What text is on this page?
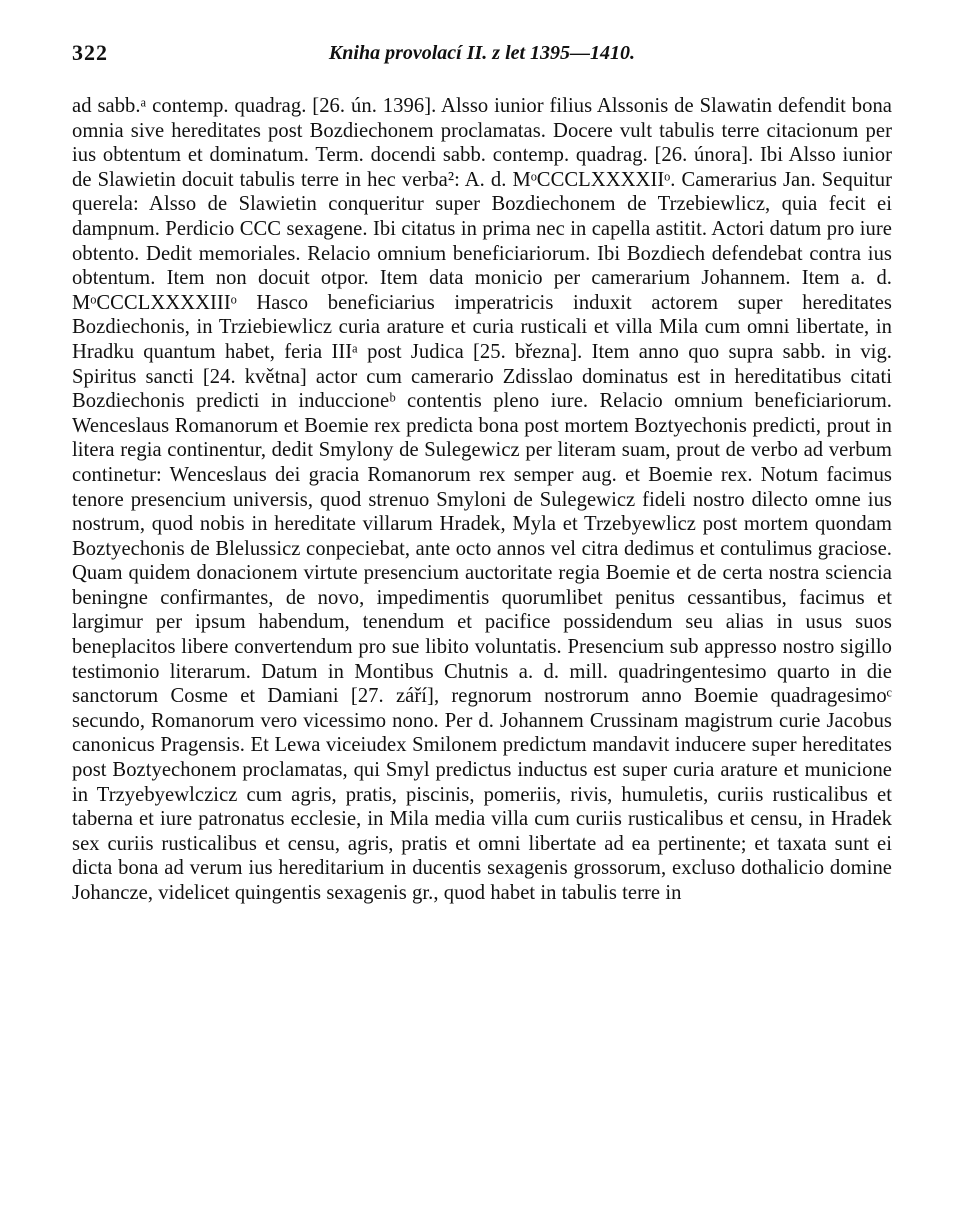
322	Kniha provolací II. z let 1395—1410.

ad sabb.ᵃ contemp. quadrag. [26. ún. 1396]. Alsso iunior filius Alssonis de Slawatin defendit bona omnia sive hereditates post Bozdiechonem proclamatas. Docere vult tabulis terre citacionum per ius obtentum et dominatum. Term. docendi sabb. contemp. quadrag. [26. února]. Ibi Alsso iunior de Slawietin docuit tabulis terre in hec verba²: A. d. MᵒCCCLXXXXIIᵒ. Camerarius Jan. Sequitur querela: Alsso de Slawietin conqueritur super Bozdiechonem de Trzebiewlicz, quia fecit ei dampnum. Perdicio CCC sexagene. Ibi citatus in prima nec in capella astitit. Actori datum pro iure obtento. Dedit memoriales. Relacio omnium beneficiariorum. Ibi Bozdiech defendebat contra ius obtentum. Item non docuit otpor. Item data monicio per camerarium Johannem. Item a. d. MᵒCCCLXXXXIIIᵒ Hasco beneficiarius imperatricis induxit actorem super hereditates Bozdiechonis, in Trziebiewlicz curia arature et curia rusticali et villa Mila cum omni libertate, in Hradku quantum habet, feria IIIᵃ post Judica [25. března]. Item anno quo supra sabb. in vig. Spiritus sancti [24. května] actor cum camerario Zdisslao dominatus est in hereditatibus citati Bozdiechonis predicti in induccioneᵇ contentis pleno iure. Relacio omnium beneficiariorum. Wenceslaus Romanorum et Boemie rex predicta bona post mortem Boztyechonis predicti, prout in litera regia continentur, dedit Smylony de Sulegewicz per literam suam, prout de verbo ad verbum continetur: Wenceslaus dei gracia Romanorum rex semper aug. et Boemie rex. Notum facimus tenore presencium universis, quod strenuo Smyloni de Sulegewicz fideli nostro dilecto omne ius nostrum, quod nobis in hereditate villarum Hradek, Myla et Trzebyewlicz post mortem quondam Boztyechonis de Blelussicz conpeciebat, ante octo annos vel citra dedimus et contulimus graciose. Quam quidem donacionem virtute presencium auctoritate regia Boemie et de certa nostra sciencia beningne confirmantes, de novo, impedimentis quorumlibet penitus cessantibus, facimus et largimur per ipsum habendum, tenendum et pacifice possidendum seu alias in usus suos beneplacitos libere convertendum pro sue libito voluntatis. Presencium sub appresso nostro sigillo testimonio literarum. Datum in Montibus Chutnis a. d. mill. quadringentesimo quarto in die sanctorum Cosme et Damiani [27. září], regnorum nostrorum anno Boemie quadragesimoᶜ secundo, Romanorum vero vicessimo nono. Per d. Johannem Crussinam magistrum curie Jacobus canonicus Pragensis. Et Lewa viceiudex Smilonem predictum mandavit inducere super hereditates post Boztyechonem proclamatas, qui Smyl predictus inductus est super curia arature et municione in Trzyebyewlczicz cum agris, pratis, piscinis, pomeriis, rivis, humuletis, curiis rusticalibus et taberna et iure patronatus ecclesie, in Mila media villa cum curiis rusticalibus et censu, in Hradek sex curiis rusticalibus et censu, agris, pratis et omni libertate ad ea pertinente; et taxata sunt ei dicta bona ad verum ius hereditarium in ducentis sexagenis grossorum, excluso dothalicio domine Johancze, videlicet quingentis sexagenis gr., quod habet in tabulis terre in
